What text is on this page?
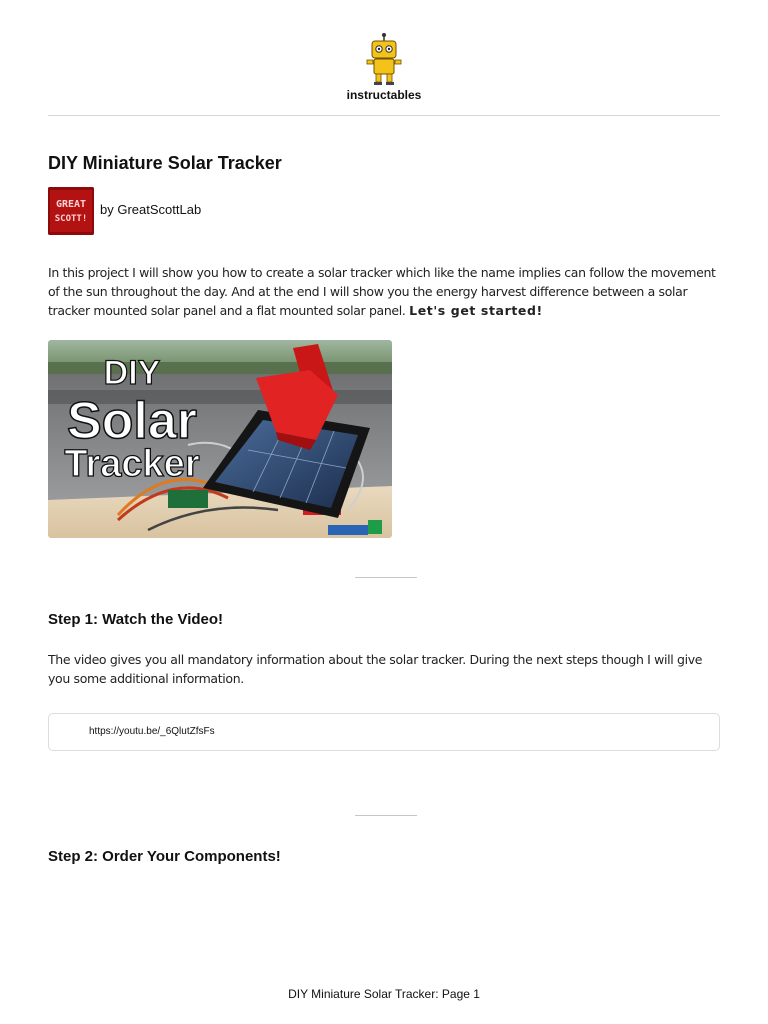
instructables
DIY Miniature Solar Tracker
GREAT
SCOTT!
by GreatScottLab

In this project I will show you how to create a solar tracker which like the name implies can follow the movement of the sun throughout the day. And at the end I will show you the energy harvest difference between a solar tracker mounted solar panel and a flat mounted solar panel. Let's get started!

DIY
Solar
Tracker
Step 1: Watch the Video!

The video gives you all mandatory information about the solar tracker. During the next steps though I will give you some additional information.

https://youtu.be/_6QlutZfsFs
Step 2: Order Your Components!
DIY Miniature Solar Tracker: Page 1
